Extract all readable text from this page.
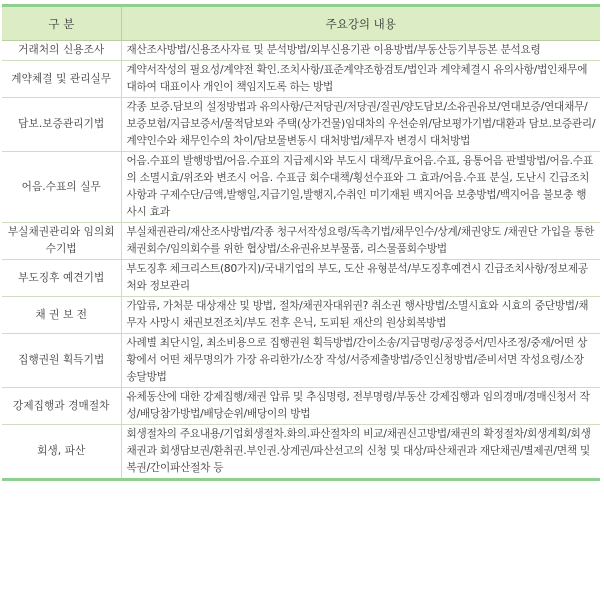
구 분	주요강의 내용
거래처의 신용조사	재산조사방법/신용조사자료 및 분석방법/외부신용기관 이용방법/부동산등기부등본 분석요령
계약체결 및 관리실무	계약서작성의 필요성/계약전 확인.조치사항/표준계약조항검토/법인과 계약체결시 유의사항/법인채무에 대하여 대표이사 개인이 책임지도록 하는 방법
담보.보증관리기법	각종 보증.담보의 설정방법과 유의사항/근저당권/저당권/질권/양도담보/소유권유보/연대보증/연대채무/보증보험/지급보증서/물적담보와 주택(상가건물)임대차의 우선순위/담보평가기법/대환과 담보.보증관리/계약인수와 채무인수의 차이/담보물변동시 대처방법/채무자 변경시 대처방법
어음.수표의 실무	어음.수표의 발행방법/어음.수표의 지급제시와 부도시 대책/무효어음.수표, 융통어음 판별방법/어음.수표의 소멸시효/위조와 변조시 어음. 수표금 회수대책/횡선수표와 그 효과/어음.수표 분실, 도난시 긴급조치사항과 구제수단/금액,발행일,지급기일,발행지,수취인 미기재된 백지어음 보충방법/백지어음 불보충 행사시 효과
부실채권관리와 임의회수기법	부실채권관리/재산조사방법/각종 청구서작성요령/독촉기법/채무인수/상계/채권양도 /채권단 가입을 통한 채권회수/임의회수를 위한 협상법/소유권유보부물품, 리스물품회수방법
부도징후 예견기법	부도징후 체크리스트(80가지)/국내기업의 부도, 도산 유형분석/부도징후예견시 긴급조치사항/정보제공처와 정보관리
채 권 보 전	가압류, 가처분 대상재산 및 방법, 절차/채권자대위권? 취소권 행사방법/소멸시효와 시효의 중단방법/채무자 사망시 채권보전조치/부도 전후 은닉, 도피된 재산의 원상회복방법
집행권원 획득기법	사례별 최단시일, 최소비용으로 집행권원 획득방법/간이소송/지급명령/공정증서/민사조정/중재/어떤 상황에서 어떤 채무명의가 가장 유리한가/소장 작성/서증제출방법/증인신청방법/준비서면 작성요령/소장 송달방법
강제집행과 경매절차	유체동산에 대한 강제집행/채권 압류 및 추심명령, 전부명령/부동산 강제집행과 임의경매/경매신청서 작성/배당참가방법/배당순위/배당이의 방법
회생, 파산	회생절차의 주요내용/기업회생절차.화의.파산절차의 비교/채권신고방법/채권의 확정절차/회생계획/회생채권과 회생담보권/환취권.부인권.상계권/파산선고의 신청 및 대상/파산채권과 재단채권/별제권/면책 및 복권/간이파산절차 등
